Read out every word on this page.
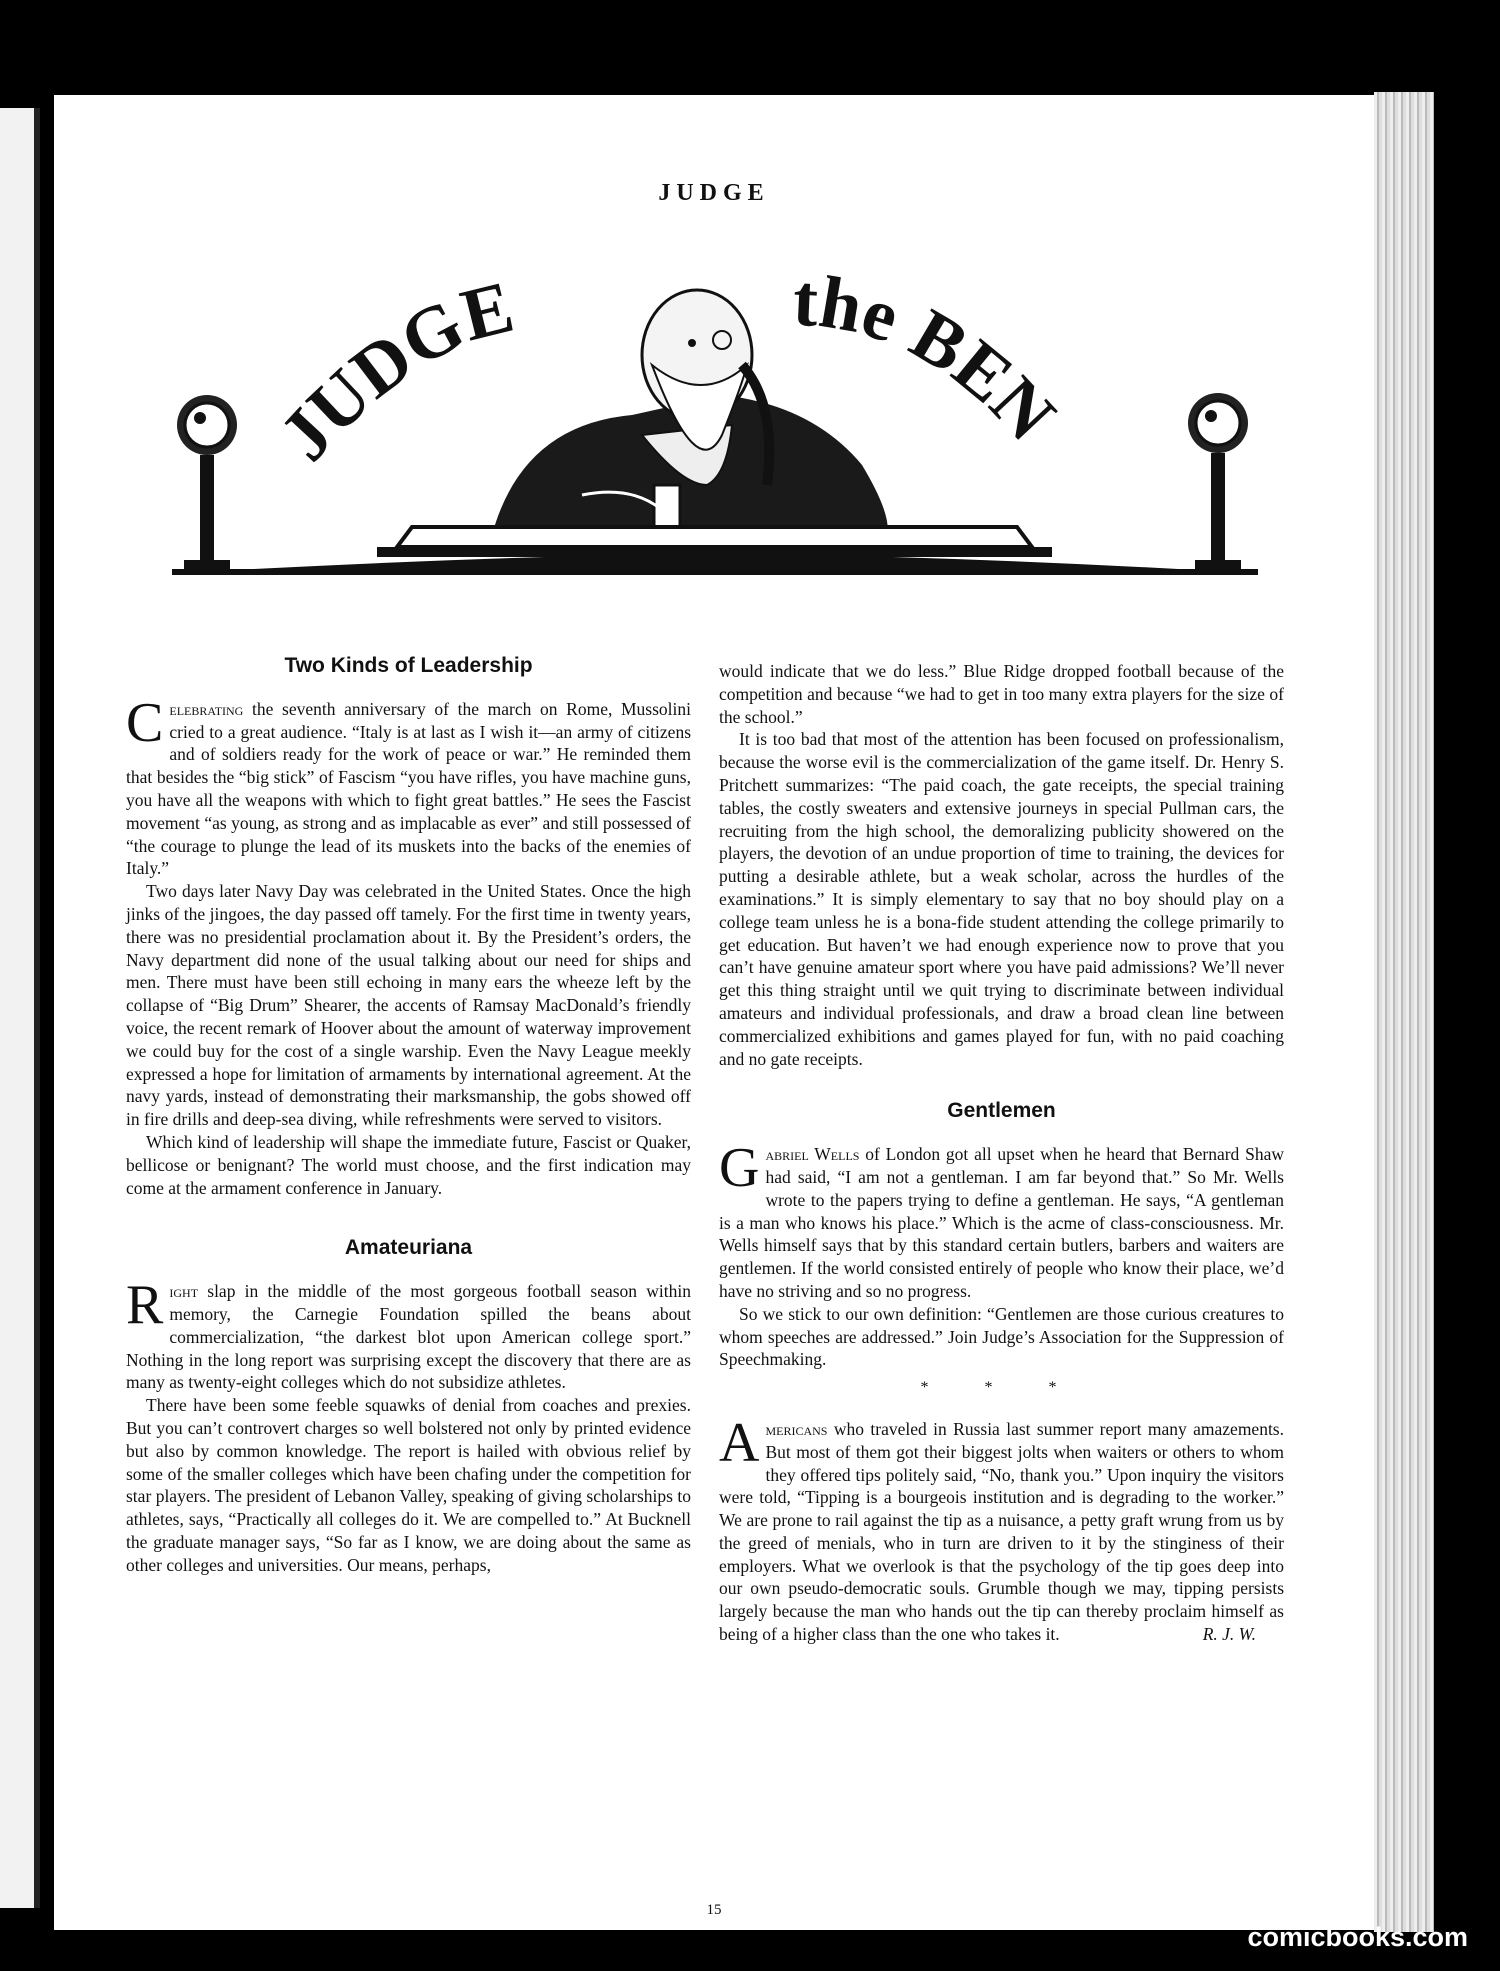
JUDGE
JUDGE	the BEN
Two Kinds of Leadership

Celebrating the seventh anniversary of the march on Rome, Mussolini cried to a great audience. “Italy is at last as I wish it—an army of citizens and of soldiers ready for the work of peace or war.” He reminded them that besides the “big stick” of Fascism “you have rifles, you have machine guns, you have all the weapons with which to fight great battles.” He sees the Fascist movement “as young, as strong and as implacable as ever” and still possessed of “the courage to plunge the lead of its muskets into the backs of the enemies of Italy.”

Two days later Navy Day was celebrated in the United States. Once the high jinks of the jingoes, the day passed off tamely. For the first time in twenty years, there was no presidential proclamation about it. By the President’s orders, the Navy department did none of the usual talking about our need for ships and men. There must have been still echoing in many ears the wheeze left by the collapse of “Big Drum” Shearer, the accents of Ramsay MacDonald’s friendly voice, the recent remark of Hoover about the amount of waterway improvement we could buy for the cost of a single warship. Even the Navy League meekly expressed a hope for limitation of armaments by international agreement. At the navy yards, instead of demonstrating their marksmanship, the gobs showed off in fire drills and deep-sea diving, while refreshments were served to visitors.

Which kind of leadership will shape the immediate future, Fascist or Quaker, bellicose or benignant? The world must choose, and the first indication may come at the armament conference in January.

Amateuriana

Right slap in the middle of the most gorgeous football season within memory, the Carnegie Foundation spilled the beans about commercialization, “the darkest blot upon American college sport.” Nothing in the long report was surprising except the discovery that there are as many as twenty-eight colleges which do not subsidize athletes.

There have been some feeble squawks of denial from coaches and prexies. But you can’t controvert charges so well bolstered not only by printed evidence but also by common knowledge. The report is hailed with obvious relief by some of the smaller colleges which have been chafing under the competition for star players. The president of Lebanon Valley, speaking of giving scholarships to athletes, says, “Practically all colleges do it. We are compelled to.” At Bucknell the graduate manager says, “So far as I know, we are doing about the same as other colleges and universities. Our means, perhaps,

would indicate that we do less.” Blue Ridge dropped football because of the competition and because “we had to get in too many extra players for the size of the school.”

It is too bad that most of the attention has been focused on professionalism, because the worse evil is the commercialization of the game itself. Dr. Henry S. Pritchett summarizes: “The paid coach, the gate receipts, the special training tables, the costly sweaters and extensive journeys in special Pullman cars, the recruiting from the high school, the demoralizing publicity showered on the players, the devotion of an undue proportion of time to training, the devices for putting a desirable athlete, but a weak scholar, across the hurdles of the examinations.” It is simply elementary to say that no boy should play on a college team unless he is a bona-fide student attending the college primarily to get education. But haven’t we had enough experience now to prove that you can’t have genuine amateur sport where you have paid admissions? We’ll never get this thing straight until we quit trying to discriminate between individual amateurs and individual professionals, and draw a broad clean line between commercialized exhibitions and games played for fun, with no paid coaching and no gate receipts.

Gentlemen

Gabriel Wells of London got all upset when he heard that Bernard Shaw had said, “I am not a gentleman. I am far beyond that.” So Mr. Wells wrote to the papers trying to define a gentleman. He says, “A gentleman is a man who knows his place.” Which is the acme of class-consciousness. Mr. Wells himself says that by this standard certain butlers, barbers and waiters are gentlemen. If the world consisted entirely of people who know their place, we’d have no striving and so no progress.

So we stick to our own definition: “Gentlemen are those curious creatures to whom speeches are addressed.” Join Judge’s Association for the Suppression of Speechmaking.

* * *

Americans who traveled in Russia last summer report many amazements. But most of them got their biggest jolts when waiters or others to whom they offered tips politely said, “No, thank you.” Upon inquiry the visitors were told, “Tipping is a bourgeois institution and is degrading to the worker.” We are prone to rail against the tip as a nuisance, a petty graft wrung from us by the greed of menials, who in turn are driven to it by the stinginess of their employers. What we overlook is that the psychology of the tip goes deep into our own pseudo-democratic souls. Grumble though we may, tipping persists largely because the man who hands out the tip can thereby proclaim himself as being of a higher class than the one who takes it.	R. J. W.

15
comicbooks.com
